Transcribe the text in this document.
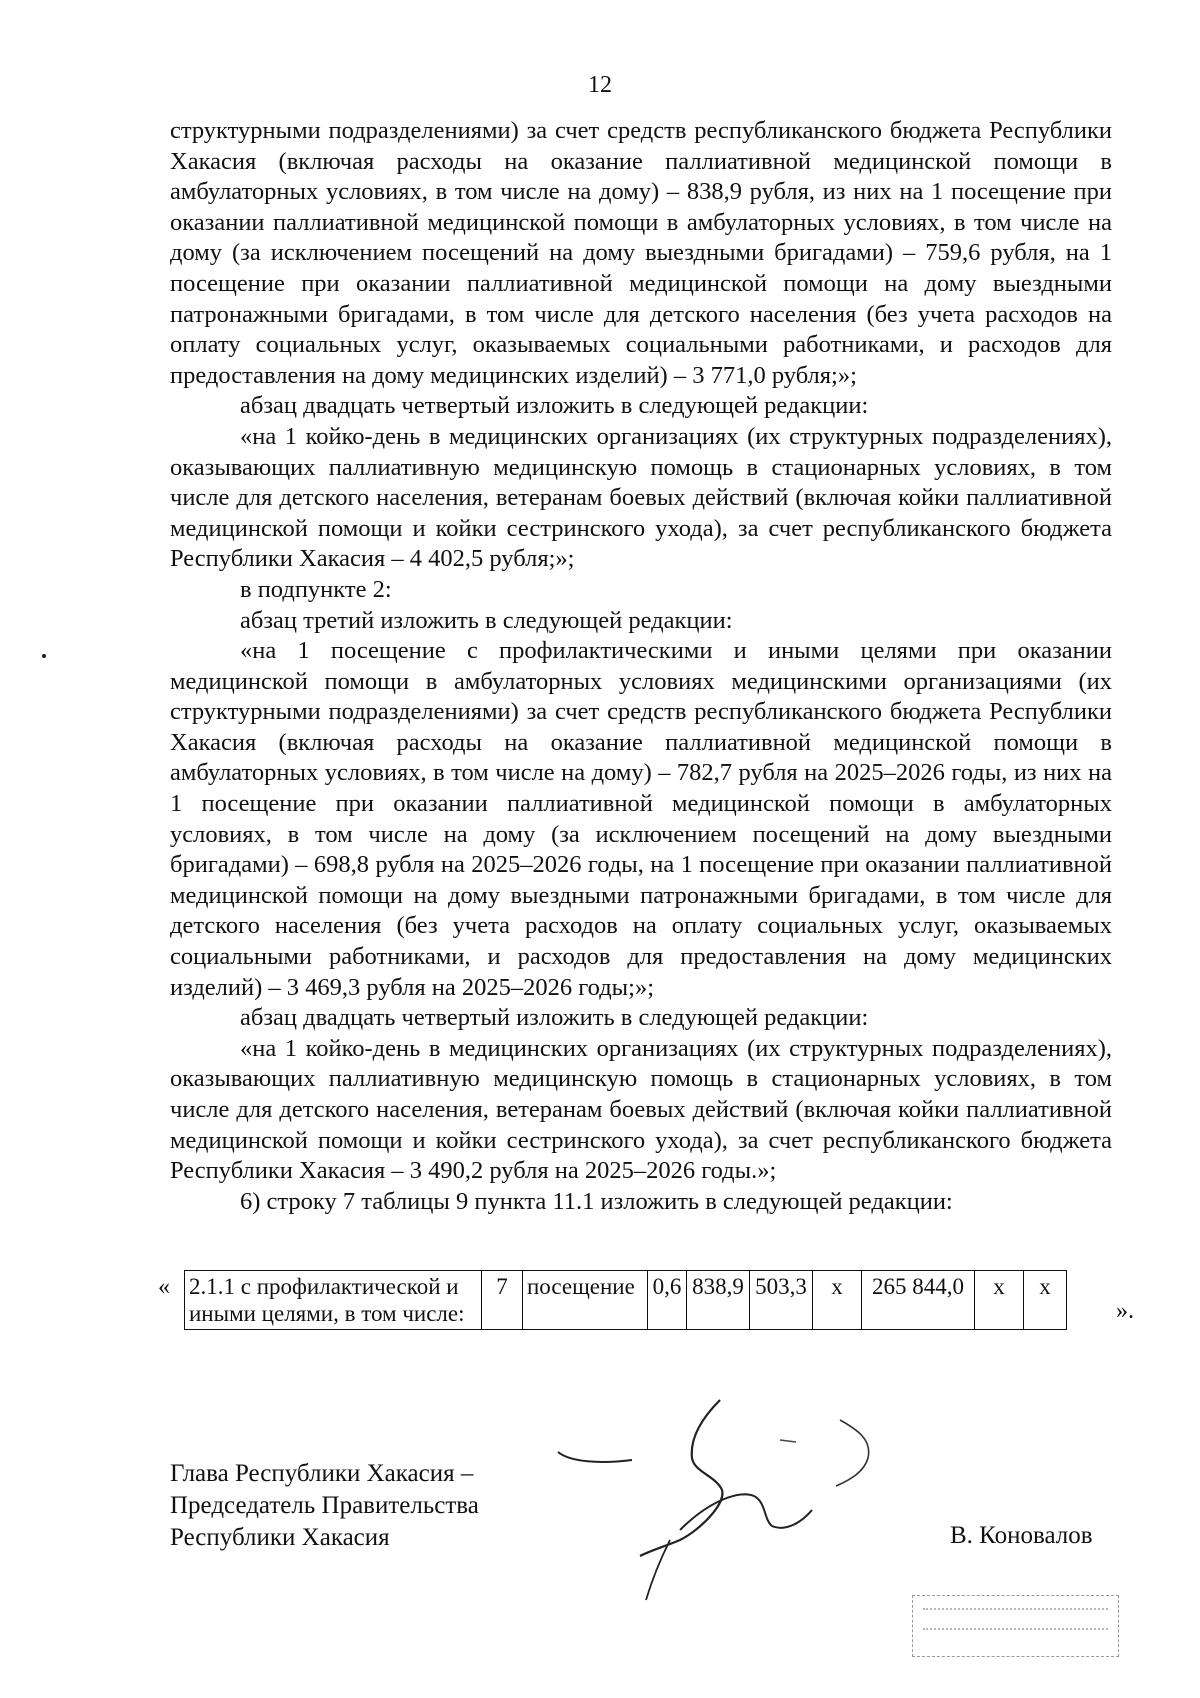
12

структурными подразделениями) за счет средств республиканского бюджета Республики Хакасия (включая расходы на оказание паллиативной медицинской помощи в амбулаторных условиях, в том числе на дому) – 838,9 рубля, из них на 1 посещение при оказании паллиативной медицинской помощи в амбулаторных условиях, в том числе на дому (за исключением посещений на дому выездными бригадами) – 759,6 рубля, на 1 посещение при оказании паллиативной медицинской помощи на дому выездными патронажными бригадами, в том числе для детского населения (без учета расходов на оплату социальных услуг, оказываемых социальными работниками, и расходов для предоставления на дому медицинских изделий) – 3 771,0 рубля;»;

абзац двадцать четвертый изложить в следующей редакции:

«на 1 койко-день в медицинских организациях (их структурных подразделениях), оказывающих паллиативную медицинскую помощь в стационарных условиях, в том числе для детского населения, ветеранам боевых действий (включая койки паллиативной медицинской помощи и койки сестринского ухода), за счет республиканского бюджета Республики Хакасия – 4 402,5 рубля;»;

в подпункте 2:

абзац третий изложить в следующей редакции:

«на 1 посещение с профилактическими и иными целями при оказании медицинской помощи в амбулаторных условиях медицинскими организациями (их структурными подразделениями) за счет средств республиканского бюджета Республики Хакасия (включая расходы на оказание паллиативной медицинской помощи в амбулаторных условиях, в том числе на дому) – 782,7 рубля на 2025–2026 годы, из них на 1 посещение при оказании паллиативной медицинской помощи в амбулаторных условиях, в том числе на дому (за исключением посещений на дому выездными бригадами) – 698,8 рубля на 2025–2026 годы, на 1 посещение при оказании паллиативной медицинской помощи на дому выездными патронажными бригадами, в том числе для детского населения (без учета расходов на оплату социальных услуг, оказываемых социальными работниками, и расходов для предоставления на дому медицинских изделий) – 3 469,3 рубля на 2025–2026 годы;»;

абзац двадцать четвертый изложить в следующей редакции:

«на 1 койко-день в медицинских организациях (их структурных подразделениях), оказывающих паллиативную медицинскую помощь в стационарных условиях, в том числе для детского населения, ветеранам боевых действий (включая койки паллиативной медицинской помощи и койки сестринского ухода), за счет республиканского бюджета Республики Хакасия – 3 490,2 рубля на 2025–2026 годы.»;

6) строку 7 таблицы 9 пункта 11.1 изложить в следующей редакции:

« 2.1.1 с профилактической и иными целями, в том числе:	7	посещение	0,6	838,9	503,3	х	265 844,0	х	х
».
Глава Республики Хакасия –
Председатель Правительства
Республики Хакасия	В. Коновалов
